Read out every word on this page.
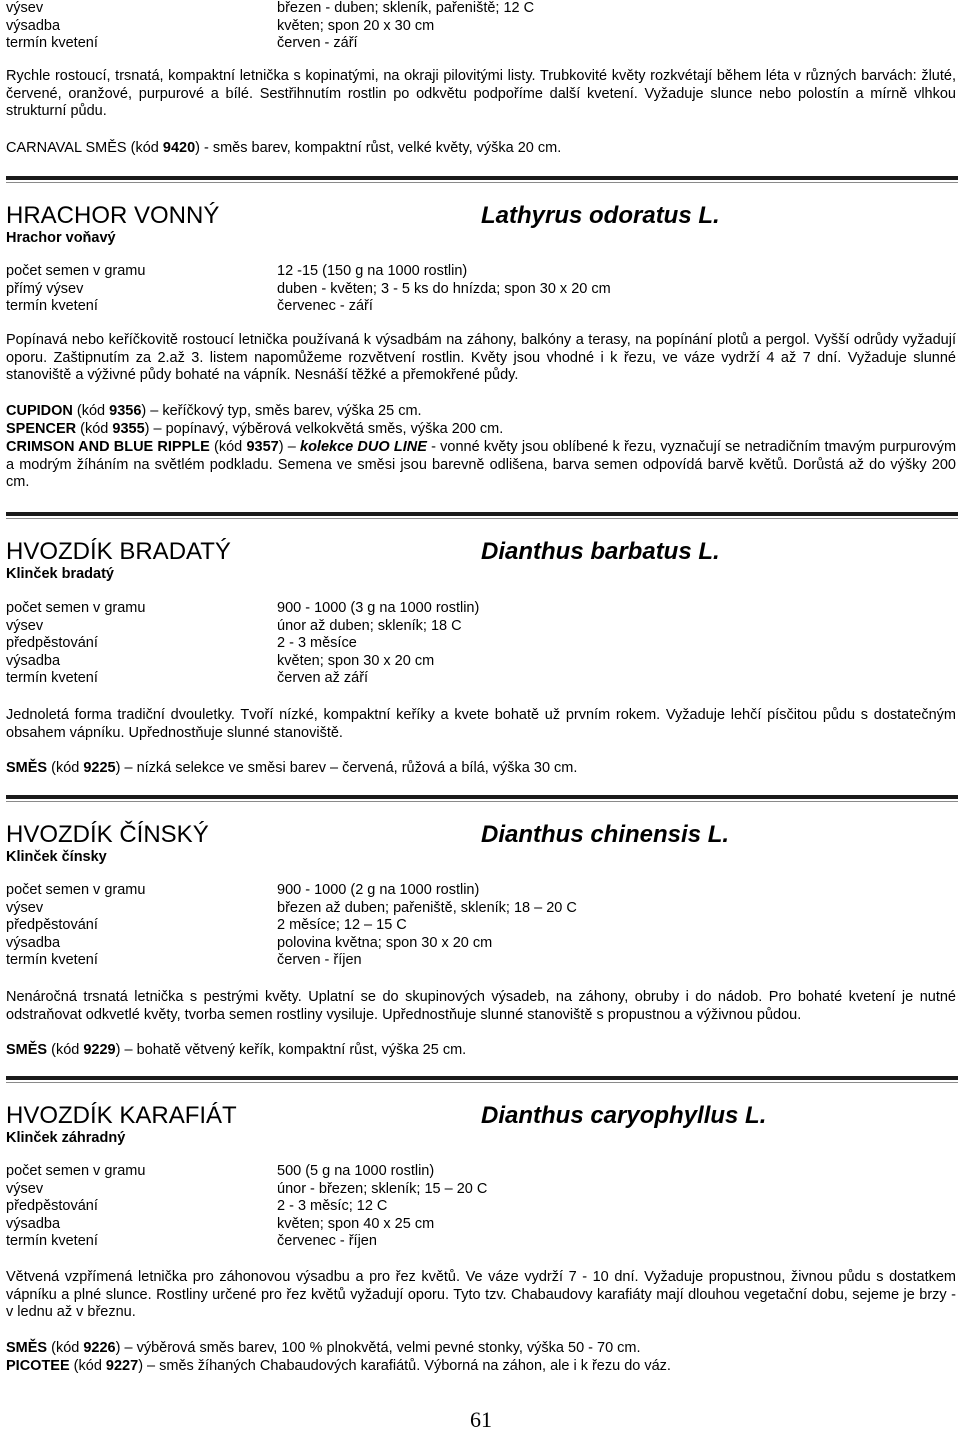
výsev	březen - duben; skleník, pařeniště; 12 C
výsadba	květen; spon 20 x 30 cm
termín kvetení	červen - září

Rychle rostoucí, trsnatá, kompaktní letnička s kopinatými, na okraji pilovitými listy. Trubkovité květy rozkvétají během léta v různých barvách: žluté, červené, oranžové, purpurové a bílé. Sestřihnutím rostlin po odkvětu podpoříme další kvetení. Vyžaduje slunce nebo polostín a mírně vlhkou strukturní půdu.

CARNAVAL SMĚS (kód 9420) - směs barev, kompaktní růst, velké květy, výška 20 cm.

HRACHOR VONNÝ	Lathyrus odoratus L.
Hrachor voňavý
počet semen v gramu	12 -15 (150 g na 1000 rostlin)
přímý výsev	duben - květen; 3 - 5 ks do hnízda; spon 30 x 20 cm
termín kvetení	červenec - září

Popínavá nebo keříčkovitě rostoucí letnička používaná k výsadbám na záhony, balkóny a terasy, na popínání plotů a pergol. Vyšší odrůdy vyžadují oporu. Zaštipnutím za 2.až 3. listem napomůžeme rozvětvení rostlin. Květy jsou vhodné i k řezu, ve váze vydrží 4 až 7 dní. Vyžaduje slunné stanoviště a výživné půdy bohaté na vápník. Nesnáší těžké a přemokřené půdy.

CUPIDON (kód 9356) – keříčkový typ, směs barev, výška 25 cm.

SPENCER (kód 9355) – popínavý, výběrová velkokvětá směs, výška 200 cm.

CRIMSON AND BLUE RIPPLE (kód 9357) – kolekce DUO LINE - vonné květy jsou oblíbené k řezu, vyznačují se netradičním tmavým purpurovým a modrým žíháním na světlém podkladu. Semena ve směsi jsou barevně odlišena, barva semen odpovídá barvě květů. Dorůstá až do výšky 200 cm.

HVOZDÍK BRADATÝ	Dianthus barbatus L.
Klinček bradatý
počet semen v gramu	900 - 1000 (3 g na 1000 rostlin)
výsev	únor až duben; skleník; 18 C
předpěstování	2 - 3 měsíce
výsadba	květen; spon 30 x 20 cm
termín kvetení	červen až září

Jednoletá forma tradiční dvouletky. Tvoří nízké, kompaktní keříky a kvete bohatě už prvním rokem. Vyžaduje lehčí písčitou půdu s dostatečným obsahem vápníku. Upřednostňuje slunné stanoviště.

SMĚS (kód 9225) – nízká selekce ve směsi barev – červená, růžová a bílá, výška 30 cm.

HVOZDÍK ČÍNSKÝ	Dianthus chinensis L.
Klinček čínsky
počet semen v gramu	900 - 1000 (2 g na 1000 rostlin)
výsev	březen až duben; pařeniště, skleník; 18 – 20 C
předpěstování	2 měsíce; 12 – 15 C
výsadba	polovina května; spon 30 x 20 cm
termín kvetení	červen - říjen

Nenáročná trsnatá letnička s pestrými květy. Uplatní se do skupinových výsadeb, na záhony, obruby i do nádob. Pro bohaté kvetení je nutné odstraňovat odkvetlé květy, tvorba semen rostliny vysiluje. Upřednostňuje slunné stanoviště s propustnou a výživnou půdou.

SMĚS (kód 9229) – bohatě větvený keřík, kompaktní růst, výška 25 cm.

HVOZDÍK KARAFIÁT	Dianthus caryophyllus L.
Klinček záhradný
počet semen v gramu	500 (5 g na 1000 rostlin)
výsev	únor - březen; skleník; 15 – 20 C
předpěstování	2 - 3 měsíc; 12 C
výsadba	květen; spon 40 x 25 cm
termín kvetení	červenec - říjen

Větvená vzpřímená letnička pro záhonovou výsadbu a pro řez květů. Ve váze vydrží 7 - 10 dní. Vyžaduje propustnou, živnou půdu s dostatkem vápníku a plné slunce. Rostliny určené pro řez květů vyžadují oporu. Tyto tzv. Chabaudovy karafiáty mají dlouhou vegetační dobu, sejeme je brzy - v lednu až v březnu.

SMĚS (kód 9226) – výběrová směs barev, 100 % plnokvětá, velmi pevné stonky, výška 50 - 70 cm.

PICOTEE (kód 9227) – směs žíhaných Chabaudových karafiátů. Výborná na záhon, ale i k řezu do váz.

61
